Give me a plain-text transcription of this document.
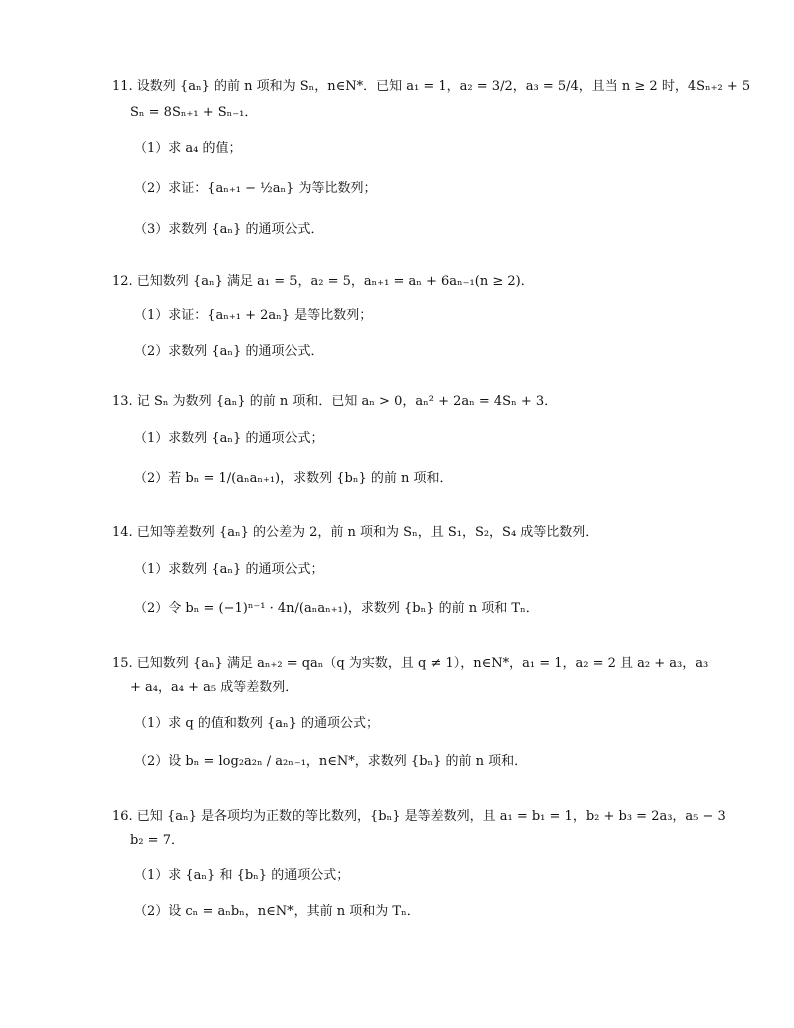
11. 设数列 {aₙ} 的前 n 项和为 Sₙ，n∈N*．已知 a₁ = 1，a₂ = 3/2，a₃ = 5/4，且当 n ≥ 2 时，4Sₙ₊₂ + 5
Sₙ = 8Sₙ₊₁ + Sₙ₋₁．
（1）求 a₄ 的值；
（2）求证：{aₙ₊₁ − ½aₙ} 为等比数列；
（3）求数列 {aₙ} 的通项公式．
12. 已知数列 {aₙ} 满足 a₁ = 5，a₂ = 5，aₙ₊₁ = aₙ + 6aₙ₋₁(n ≥ 2)．
（1）求证：{aₙ₊₁ + 2aₙ} 是等比数列；
（2）求数列 {aₙ} 的通项公式．
13. 记 Sₙ 为数列 {aₙ} 的前 n 项和．已知 aₙ > 0，aₙ² + 2aₙ = 4Sₙ + 3．
（1）求数列 {aₙ} 的通项公式；
（2）若 bₙ = 1/(aₙaₙ₊₁)，求数列 {bₙ} 的前 n 项和．
14. 已知等差数列 {aₙ} 的公差为 2，前 n 项和为 Sₙ，且 S₁，S₂，S₄ 成等比数列．
（1）求数列 {aₙ} 的通项公式；
（2）令 bₙ = (−1)ⁿ⁻¹ · 4n/(aₙaₙ₊₁)，求数列 {bₙ} 的前 n 项和 Tₙ．
15. 已知数列 {aₙ} 满足 aₙ₊₂ = qaₙ（q 为实数，且 q ≠ 1），n∈N*，a₁ = 1，a₂ = 2 且 a₂ + a₃，a₃
+ a₄，a₄ + a₅ 成等差数列．
（1）求 q 的值和数列 {aₙ} 的通项公式；
（2）设 bₙ = log₂a₂ₙ / a₂ₙ₋₁，n∈N*，求数列 {bₙ} 的前 n 项和．
16. 已知 {aₙ} 是各项均为正数的等比数列，{bₙ} 是等差数列，且 a₁ = b₁ = 1，b₂ + b₃ = 2a₃，a₅ − 3
b₂ = 7．
（1）求 {aₙ} 和 {bₙ} 的通项公式；
（2）设 cₙ = aₙbₙ，n∈N*，其前 n 项和为 Tₙ．
